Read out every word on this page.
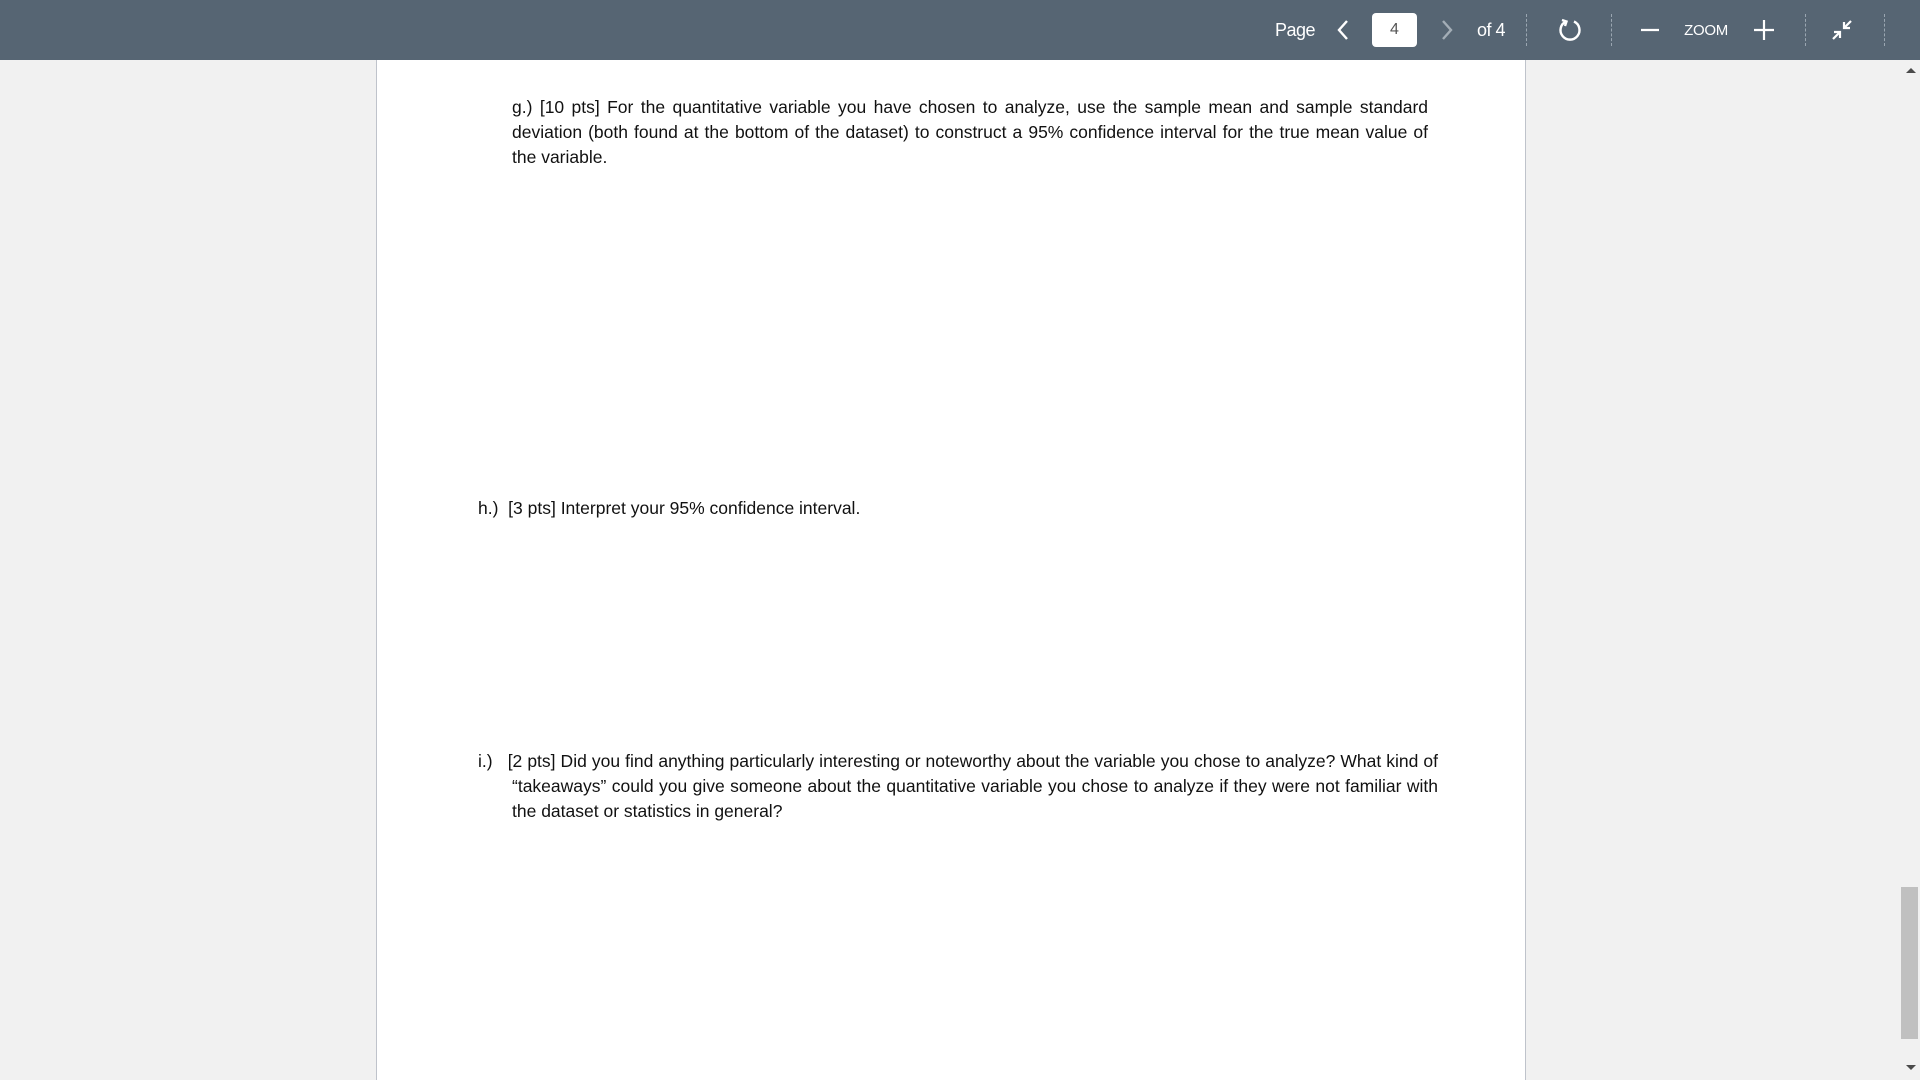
Page
4	of 4	ZOOM
g.) [10 pts] For the quantitative variable you have chosen to analyze, use the sample mean and sample standard deviation (both found at the bottom of the dataset) to construct a 95% confidence interval for the true mean value of the variable.
h.) [3 pts] Interpret your 95% confidence interval.
i.) [2 pts] Did you find anything particularly interesting or noteworthy about the variable you chose to analyze? What kind of “takeaways” could you give someone about the quantitative variable you chose to analyze if they were not familiar with the dataset or statistics in general?
